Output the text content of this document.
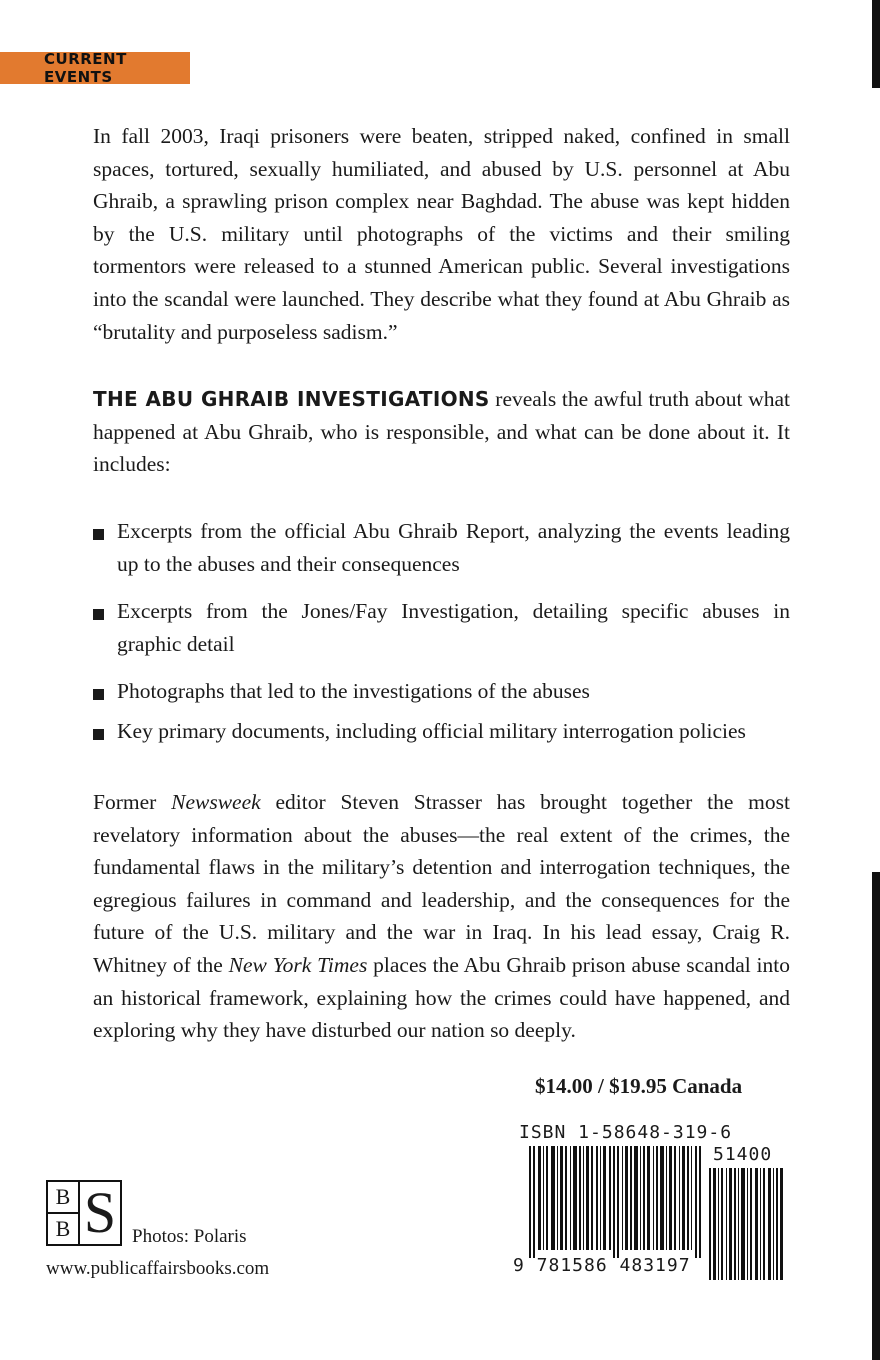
CURRENT EVENTS
In fall 2003, Iraqi prisoners were beaten, stripped naked, confined in small spaces, tortured, sexually humiliated, and abused by U.S. personnel at Abu Ghraib, a sprawling prison complex near Baghdad. The abuse was kept hidden by the U.S. military until photographs of the victims and their smiling tormentors were released to a stunned American public. Several investigations into the scandal were launched. They describe what they found at Abu Ghraib as “brutality and purposeless sadism.”
THE ABU GHRAIB INVESTIGATIONS reveals the awful truth about what happened at Abu Ghraib, who is responsible, and what can be done about it. It includes:

Excerpts from the official Abu Ghraib Report, analyzing the events leading up to the abuses and their consequences

Excerpts from the Jones/Fay Investigation, detailing specific abuses in graphic detail

Photographs that led to the investigations of the abuses

Key primary documents, including official military interrogation policies

Former Newsweek editor Steven Strasser has brought together the most revelatory information about the abuses—the real extent of the crimes, the fundamental flaws in the military’s detention and interrogation techniques, the egregious failures in command and leadership, and the consequences for the future of the U.S. military and the war in Iraq. In his lead essay, Craig R. Whitney of the New York Times places the Abu Ghraib prison abuse scandal into an historical framework, explaining how the crimes could have happened, and exploring why they have disturbed our nation so deeply.
$14.00 / $19.95 Canada
ISBN 1-58648-319-6
51400
9 781586 483197
B
B S Photos: Polaris
www.publicaffairsbooks.com
